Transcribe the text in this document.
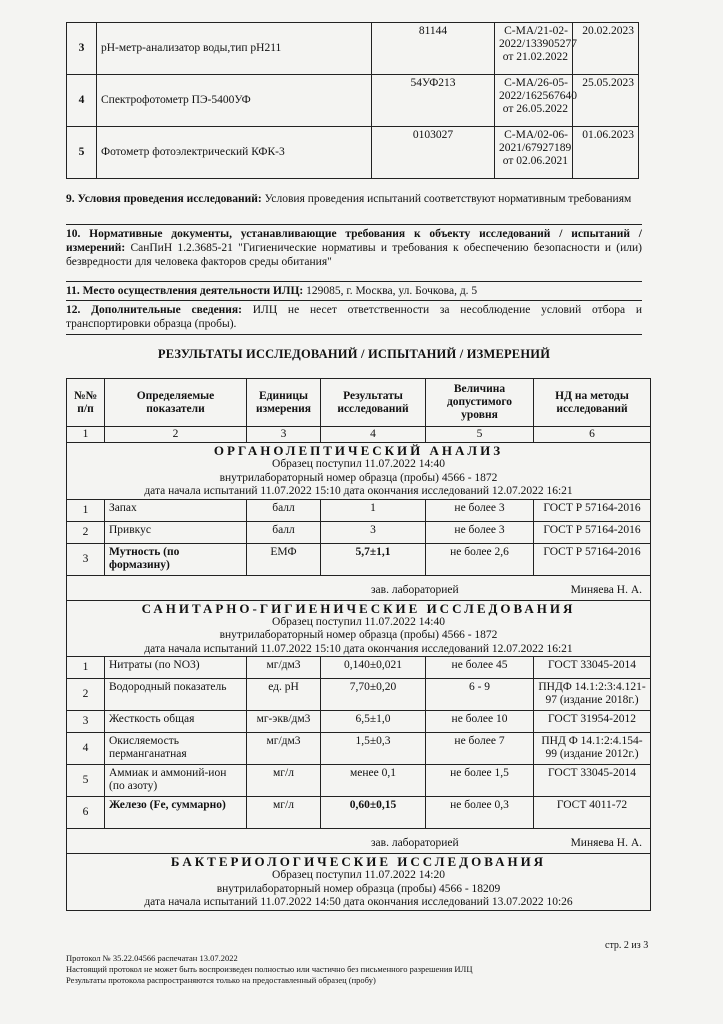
3	рН-метр-анализатор воды,тип рН211	81144	С-МА/21-02-2022/133905277 от 21.02.2022	20.02.2023
4	Спектрофотометр ПЭ-5400УФ	54УФ213	С-МА/26-05-2022/162567640 от 26.05.2022	25.05.2023
5	Фотометр фотоэлектрический КФК-3	0103027	С-МА/02-06-2021/67927189 от 02.06.2021	01.06.2023
9. Условия проведения исследований: Условия проведения испытаний соответствуют нормативным требованиям
10. Нормативные документы, устанавливающие требования к объекту исследований / испытаний / измерений: СанПиН 1.2.3685-21 "Гигиенические нормативы и требования к обеспечению безопасности и (или) безвредности для человека факторов среды обитания"
11. Место осуществления деятельности ИЛЦ: 129085, г. Москва, ул. Бочкова, д. 5
12. Дополнительные сведения: ИЛЦ не несет ответственности за несоблюдение условий отбора и транспортировки образца (пробы).
РЕЗУЛЬТАТЫ ИССЛЕДОВАНИЙ / ИСПЫТАНИЙ / ИЗМЕРЕНИЙ
№№ п/п	Определяемые показатели	Единицы измерения	Результаты исследований	Величина допустимого уровня	НД на методы исследований
1	2	3	4	5	6

ОРГАНОЛЕПТИЧЕСКИЙ АНАЛИЗ
Образец поступил 11.07.2022 14:40
внутрилабораторный номер образца (пробы) 4566 - 1872
дата начала испытаний 11.07.2022 15:10 дата окончания исследований 12.07.2022 16:21					

1	Запах	балл	1	не более 3	ГОСТ Р 57164-2016
2	Привкус	балл	3	не более 3	ГОСТ Р 57164-2016
3	Мутность (по формазину)	ЕМФ	5,7±1,1	не более 2,6	ГОСТ Р 57164-2016

зав. лабораторией Миняева Н. А.					

САНИТАРНО-ГИГИЕНИЧЕСКИЕ ИССЛЕДОВАНИЯ
Образец поступил 11.07.2022 14:40
внутрилабораторный номер образца (пробы) 4566 - 1872
дата начала испытаний 11.07.2022 15:10 дата окончания исследований 12.07.2022 16:21					

1	Нитраты (по NO3)	мг/дм3	0,140±0,021	не более 45	ГОСТ 33045-2014
2	Водородный показатель	ед. рН	7,70±0,20	6 - 9	ПНДФ 14.1:2:3:4.121-97 (издание 2018г.)
3	Жесткость общая	мг-экв/дм3	6,5±1,0	не более 10	ГОСТ 31954-2012
4	Окисляемость перманганатная	мг/дм3	1,5±0,3	не более 7	ПНД Ф 14.1:2:4.154-99 (издание 2012г.)
5	Аммиак и аммоний-ион (по азоту)	мг/л	менее 0,1	не более 1,5	ГОСТ 33045-2014
6	Железо (Fe, суммарно)	мг/л	0,60±0,15	не более 0,3	ГОСТ 4011-72

зав. лабораторией Миняева Н. А.					

БАКТЕРИОЛОГИЧЕСКИЕ ИССЛЕДОВАНИЯ
Образец поступил 11.07.2022 14:20
внутрилабораторный номер образца (пробы) 4566 - 18209
дата начала испытаний 11.07.2022 14:50 дата окончания исследований 13.07.2022 10:26					
стр. 2 из 3
Протокол № 35.22.04566 распечатан 13.07.2022
Настоящий протокол не может быть воспроизведен полностью или частично без письменного разрешения ИЛЦ
Результаты протокола распространяются только на предоставленный образец (пробу)
